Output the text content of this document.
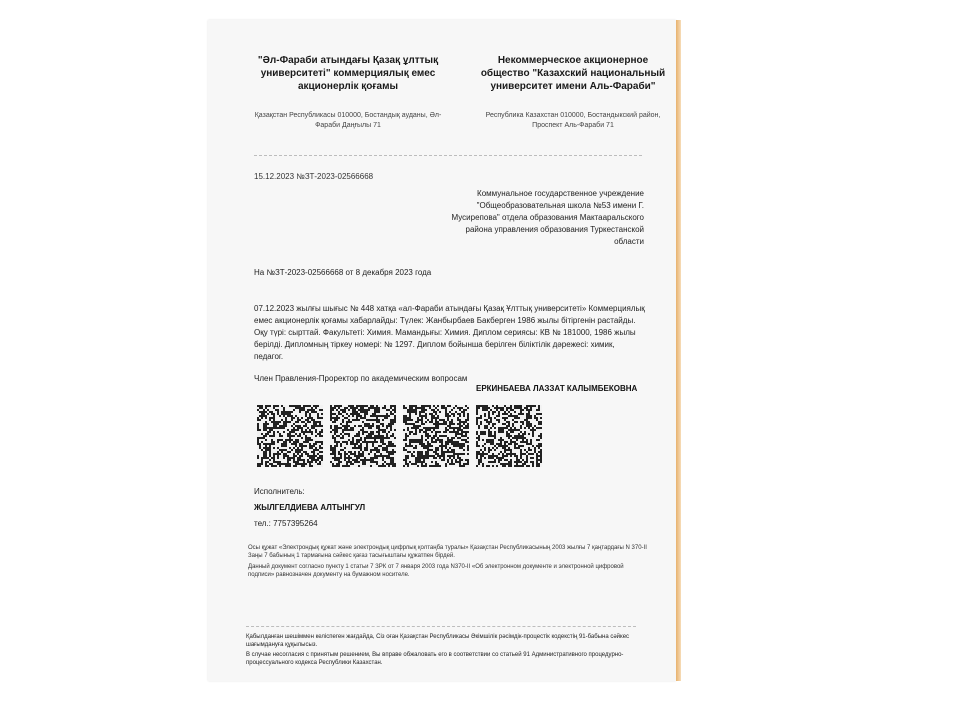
"Әл-Фараби атындағы Қазақ ұлттық университеті" коммерциялық емес акционерлік қоғамы
Некоммерческое акционерное общество "Казахский национальный университет имени Аль-Фараби"
Қазақстан Республикасы 010000, Бостандық ауданы, Әл-Фараби Даңғылы 71
Республика Казахстан 010000, Бостандыкский район, Проспект Аль-Фараби 71
15.12.2023 №ЗТ-2023-02566668
Коммунальное государственное учреждение "Общеобразовательная школа №53 имени Г. Мусирепова" отдела образования Мактааральского района управления образования Туркестанской области
На №ЗТ-2023-02566668 от 8 декабря 2023 года
07.12.2023 жылғы шығыс № 448 хатқа «ал-Фараби атындағы Қазақ Ұлттық университеті» Коммерциялық емес акционерлік қоғамы хабарлайды: Түлек: Жанбырбаев Бакберген 1986 жылы бітіргенін растайды. Оқу түрі: сырттай. Факультеті: Химия. Мамандығы: Химия. Диплом сериясы: КВ № 181000, 1986 жылы берілді. Дипломның тіркеу номері: № 1297. Диплом бойынша берілген біліктілік дәрежесі: химик, педагог.
Член Правления-Проректор по академическим вопросам
ЕРКИНБАЕВА ЛАЗЗАТ КАЛЫМБЕКОВНА
Исполнитель:
ЖЫЛГЕЛДИЕВА АЛТЫНГУЛ
тел.: 7757395264
Осы құжат «Электрондық құжат және электрондық цифрлық қолтаңба туралы» Қазақстан Республикасының 2003 жылғы 7 қаңтардағы N 370-II Заңы 7 бабының 1 тармағына сәйкес қағаз тасығыштағы құжатпен бірдей.
Данный документ согласно пункту 1 статьи 7 ЗРК от 7 января 2003 года N370-II «Об электронном документе и электронной цифровой подписи» равнозначен документу на бумажном носителе.
Қабылданған шешіммен келіспеген жағдайда, Сіз оған Қазақстан Республикасы Әкімшілік рәсімдік-процестік кодекстің 91-бабына сәйкес шағымдануға құқылысыз.
В случае несогласия с принятым решением, Вы вправе обжаловать его в соответствии со статьей 91 Административного процедурно-процессуального кодекса Республики Казахстан.
